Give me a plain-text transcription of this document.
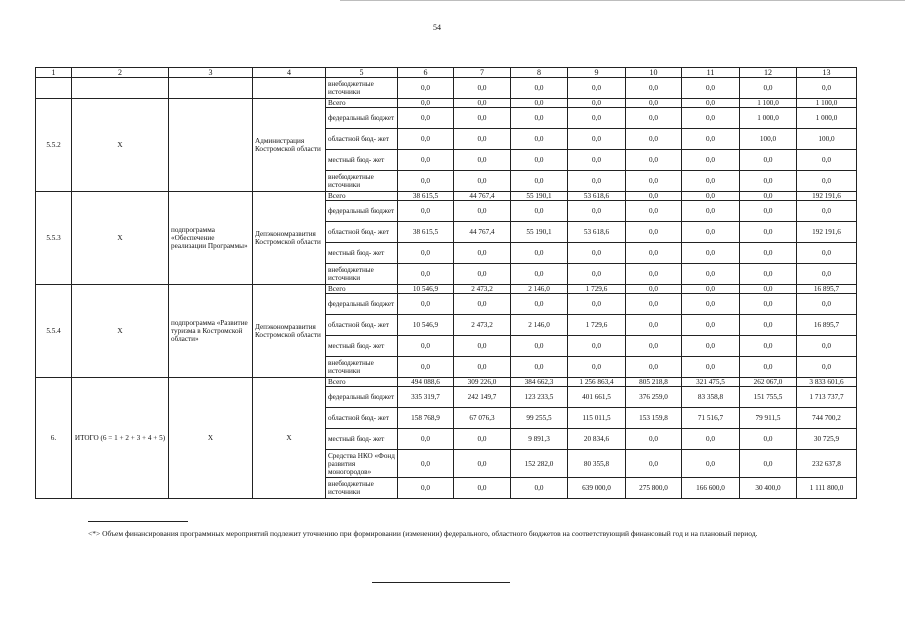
54
1	2	3	4	5	6	7	8	9	10	11	12	13
				внебюджетные источники	0,0	0,0	0,0	0,0	0,0	0,0	0,0	0,0
5.5.2	X		Администрация Костромской области	Всего	0,0	0,0	0,0	0,0	0,0	0,0	1 100,0	1 100,0
				федеральный бюджет	0,0	0,0	0,0	0,0	0,0	0,0	1 000,0	1 000,0
				областной бюд- жет	0,0	0,0	0,0	0,0	0,0	0,0	100,0	100,0
				местный бюд- жет	0,0	0,0	0,0	0,0	0,0	0,0	0,0	0,0
				внебюджетные источники	0,0	0,0	0,0	0,0	0,0	0,0	0,0	0,0
5.5.3	X	подпрограмма «Обеспечение реализации Программы»	Депэкономразвития Костромской области	Всего	38 615,5	44 767,4	55 190,1	53 618,6	0,0	0,0	0,0	192 191,6
				федеральный бюджет	0,0	0,0	0,0	0,0	0,0	0,0	0,0	0,0
				областной бюд- жет	38 615,5	44 767,4	55 190,1	53 618,6	0,0	0,0	0,0	192 191,6
				местный бюд- жет	0,0	0,0	0,0	0,0	0,0	0,0	0,0	0,0
				внебюджетные источники	0,0	0,0	0,0	0,0	0,0	0,0	0,0	0,0
5.5.4	X	подпрограмма «Развитие туризма в Костромской области»	Депэкономразвития Костромской области	Всего	10 546,9	2 473,2	2 146,0	1 729,6	0,0	0,0	0,0	16 895,7
				федеральный бюджет	0,0	0,0	0,0	0,0	0,0	0,0	0,0	0,0
				областной бюд- жет	10 546,9	2 473,2	2 146,0	1 729,6	0,0	0,0	0,0	16 895,7
				местный бюд- жет	0,0	0,0	0,0	0,0	0,0	0,0	0,0	0,0
				внебюджетные источники	0,0	0,0	0,0	0,0	0,0	0,0	0,0	0,0
6.	ИТОГО (6 = 1 + 2 + 3 + 4 + 5)	X	X	Всего	494 088,6	309 226,0	384 662,3	1 256 863,4	805 218,8	321 475,5	262 067,0	3 833 601,6
				федеральный бюджет	335 319,7	242 149,7	123 233,5	401 661,5	376 259,0	83 358,8	151 755,5	1 713 737,7
				областной бюд- жет	158 768,9	67 076,3	99 255,5	115 011,5	153 159,8	71 516,7	79 911,5	744 700,2
				местный бюд- жет	0,0	0,0	9 891,3	20 834,6	0,0	0,0	0,0	30 725,9
				Средства НКО «Фонд развития моногородов»	0,0	0,0	152 282,0	80 355,8	0,0	0,0	0,0	232 637,8
				внебюджетные источники	0,0	0,0	0,0	639 000,0	275 800,0	166 600,0	30 400,0	1 111 800,0
<*> Объем финансирования программных мероприятий подлежит уточнению при формировании (изменении) федерального, областного бюджетов на соответствующий финансовый год и на плановый период.
